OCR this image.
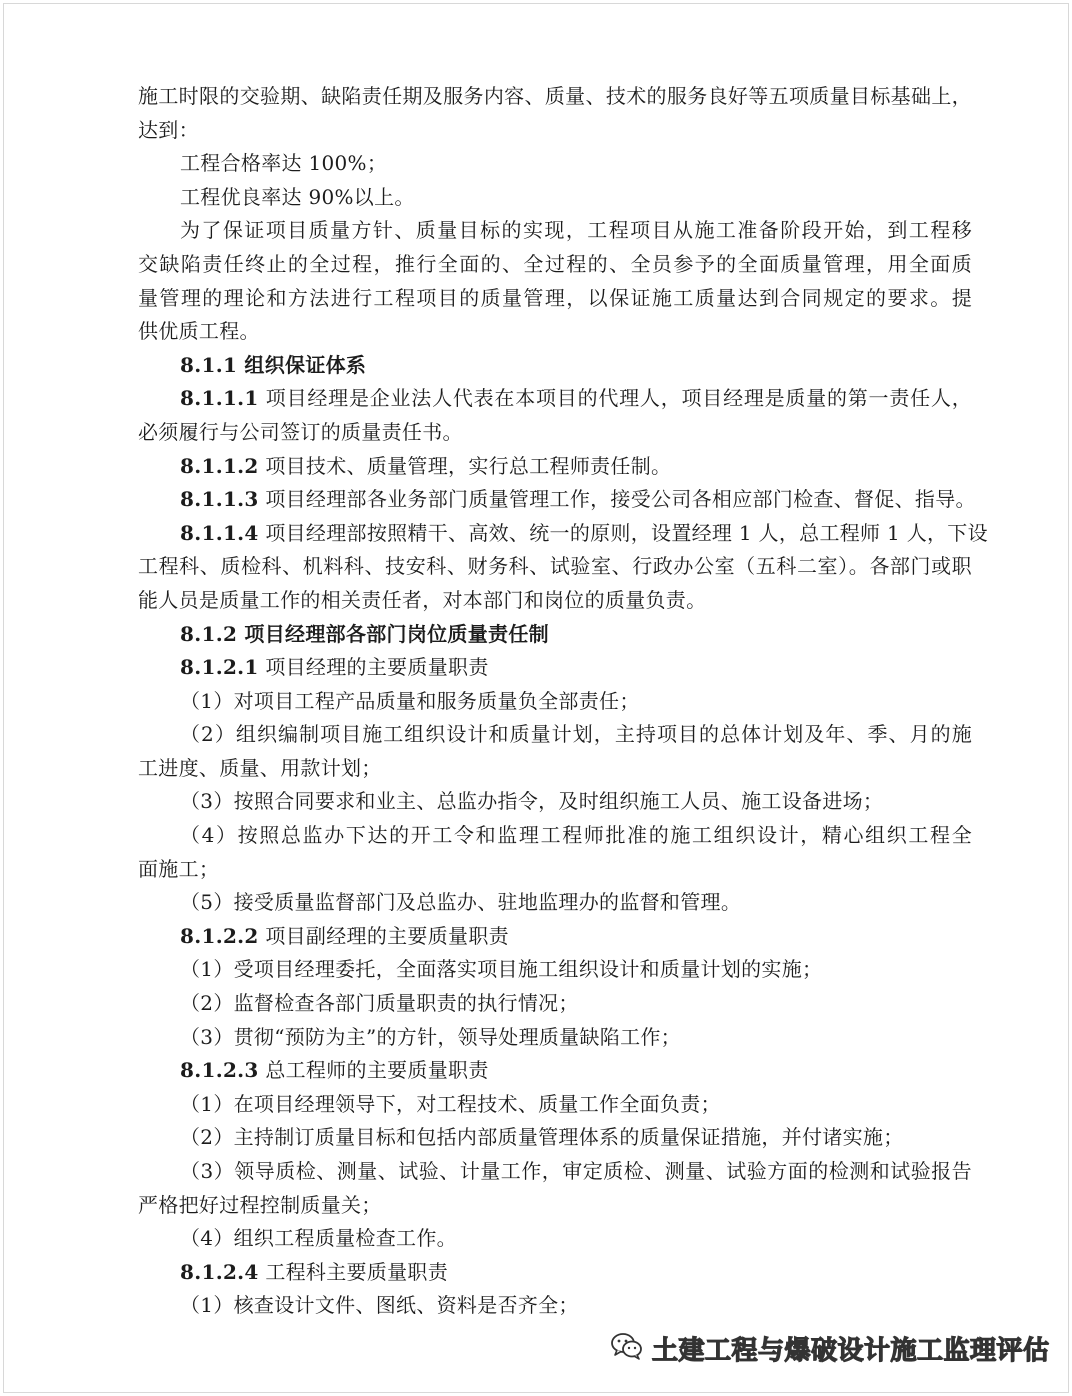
施工时限的交验期、缺陷责任期及服务内容、质量、技术的服务良好等五项质量目标基础上，
达到：
工程合格率达 100%；
工程优良率达 90%以上。
为了保证项目质量方针、质量目标的实现，工程项目从施工准备阶段开始，到工程移
交缺陷责任终止的全过程，推行全面的、全过程的、全员参予的全面质量管理，用全面质
量管理的理论和方法进行工程项目的质量管理，以保证施工质量达到合同规定的要求。提
供优质工程。
8.1.1 组织保证体系
8.1.1.1 项目经理是企业法人代表在本项目的代理人，项目经理是质量的第一责任人，
必须履行与公司签订的质量责任书。
8.1.1.2 项目技术、质量管理，实行总工程师责任制。
8.1.1.3 项目经理部各业务部门质量管理工作，接受公司各相应部门检查、督促、指导。
8.1.1.4 项目经理部按照精干、高效、统一的原则，设置经理 1 人，总工程师 1 人，下设
工程科、质检科、机料科、技安科、财务科、试验室、行政办公室（五科二室）。各部门或职
能人员是质量工作的相关责任者，对本部门和岗位的质量负责。
8.1.2 项目经理部各部门岗位质量责任制
8.1.2.1 项目经理的主要质量职责
（1）对项目工程产品质量和服务质量负全部责任；
（2）组织编制项目施工组织设计和质量计划，主持项目的总体计划及年、季、月的施
工进度、质量、用款计划；
（3）按照合同要求和业主、总监办指令，及时组织施工人员、施工设备进场；
（4）按照总监办下达的开工令和监理工程师批准的施工组织设计，精心组织工程全
面施工；
（5）接受质量监督部门及总监办、驻地监理办的监督和管理。
8.1.2.2 项目副经理的主要质量职责
（1）受项目经理委托，全面落实项目施工组织设计和质量计划的实施；
（2）监督检查各部门质量职责的执行情况；
（3）贯彻“预防为主”的方针，领导处理质量缺陷工作；
8.1.2.3 总工程师的主要质量职责
（1）在项目经理领导下，对工程技术、质量工作全面负责；
（2）主持制订质量目标和包括内部质量管理体系的质量保证措施，并付诸实施；
（3）领导质检、测量、试验、计量工作，审定质检、测量、试验方面的检测和试验报告
严格把好过程控制质量关；
（4）组织工程质量检查工作。
8.1.2.4 工程科主要质量职责
（1）核查设计文件、图纸、资料是否齐全；
土建工程与爆破设计施工监理评估
